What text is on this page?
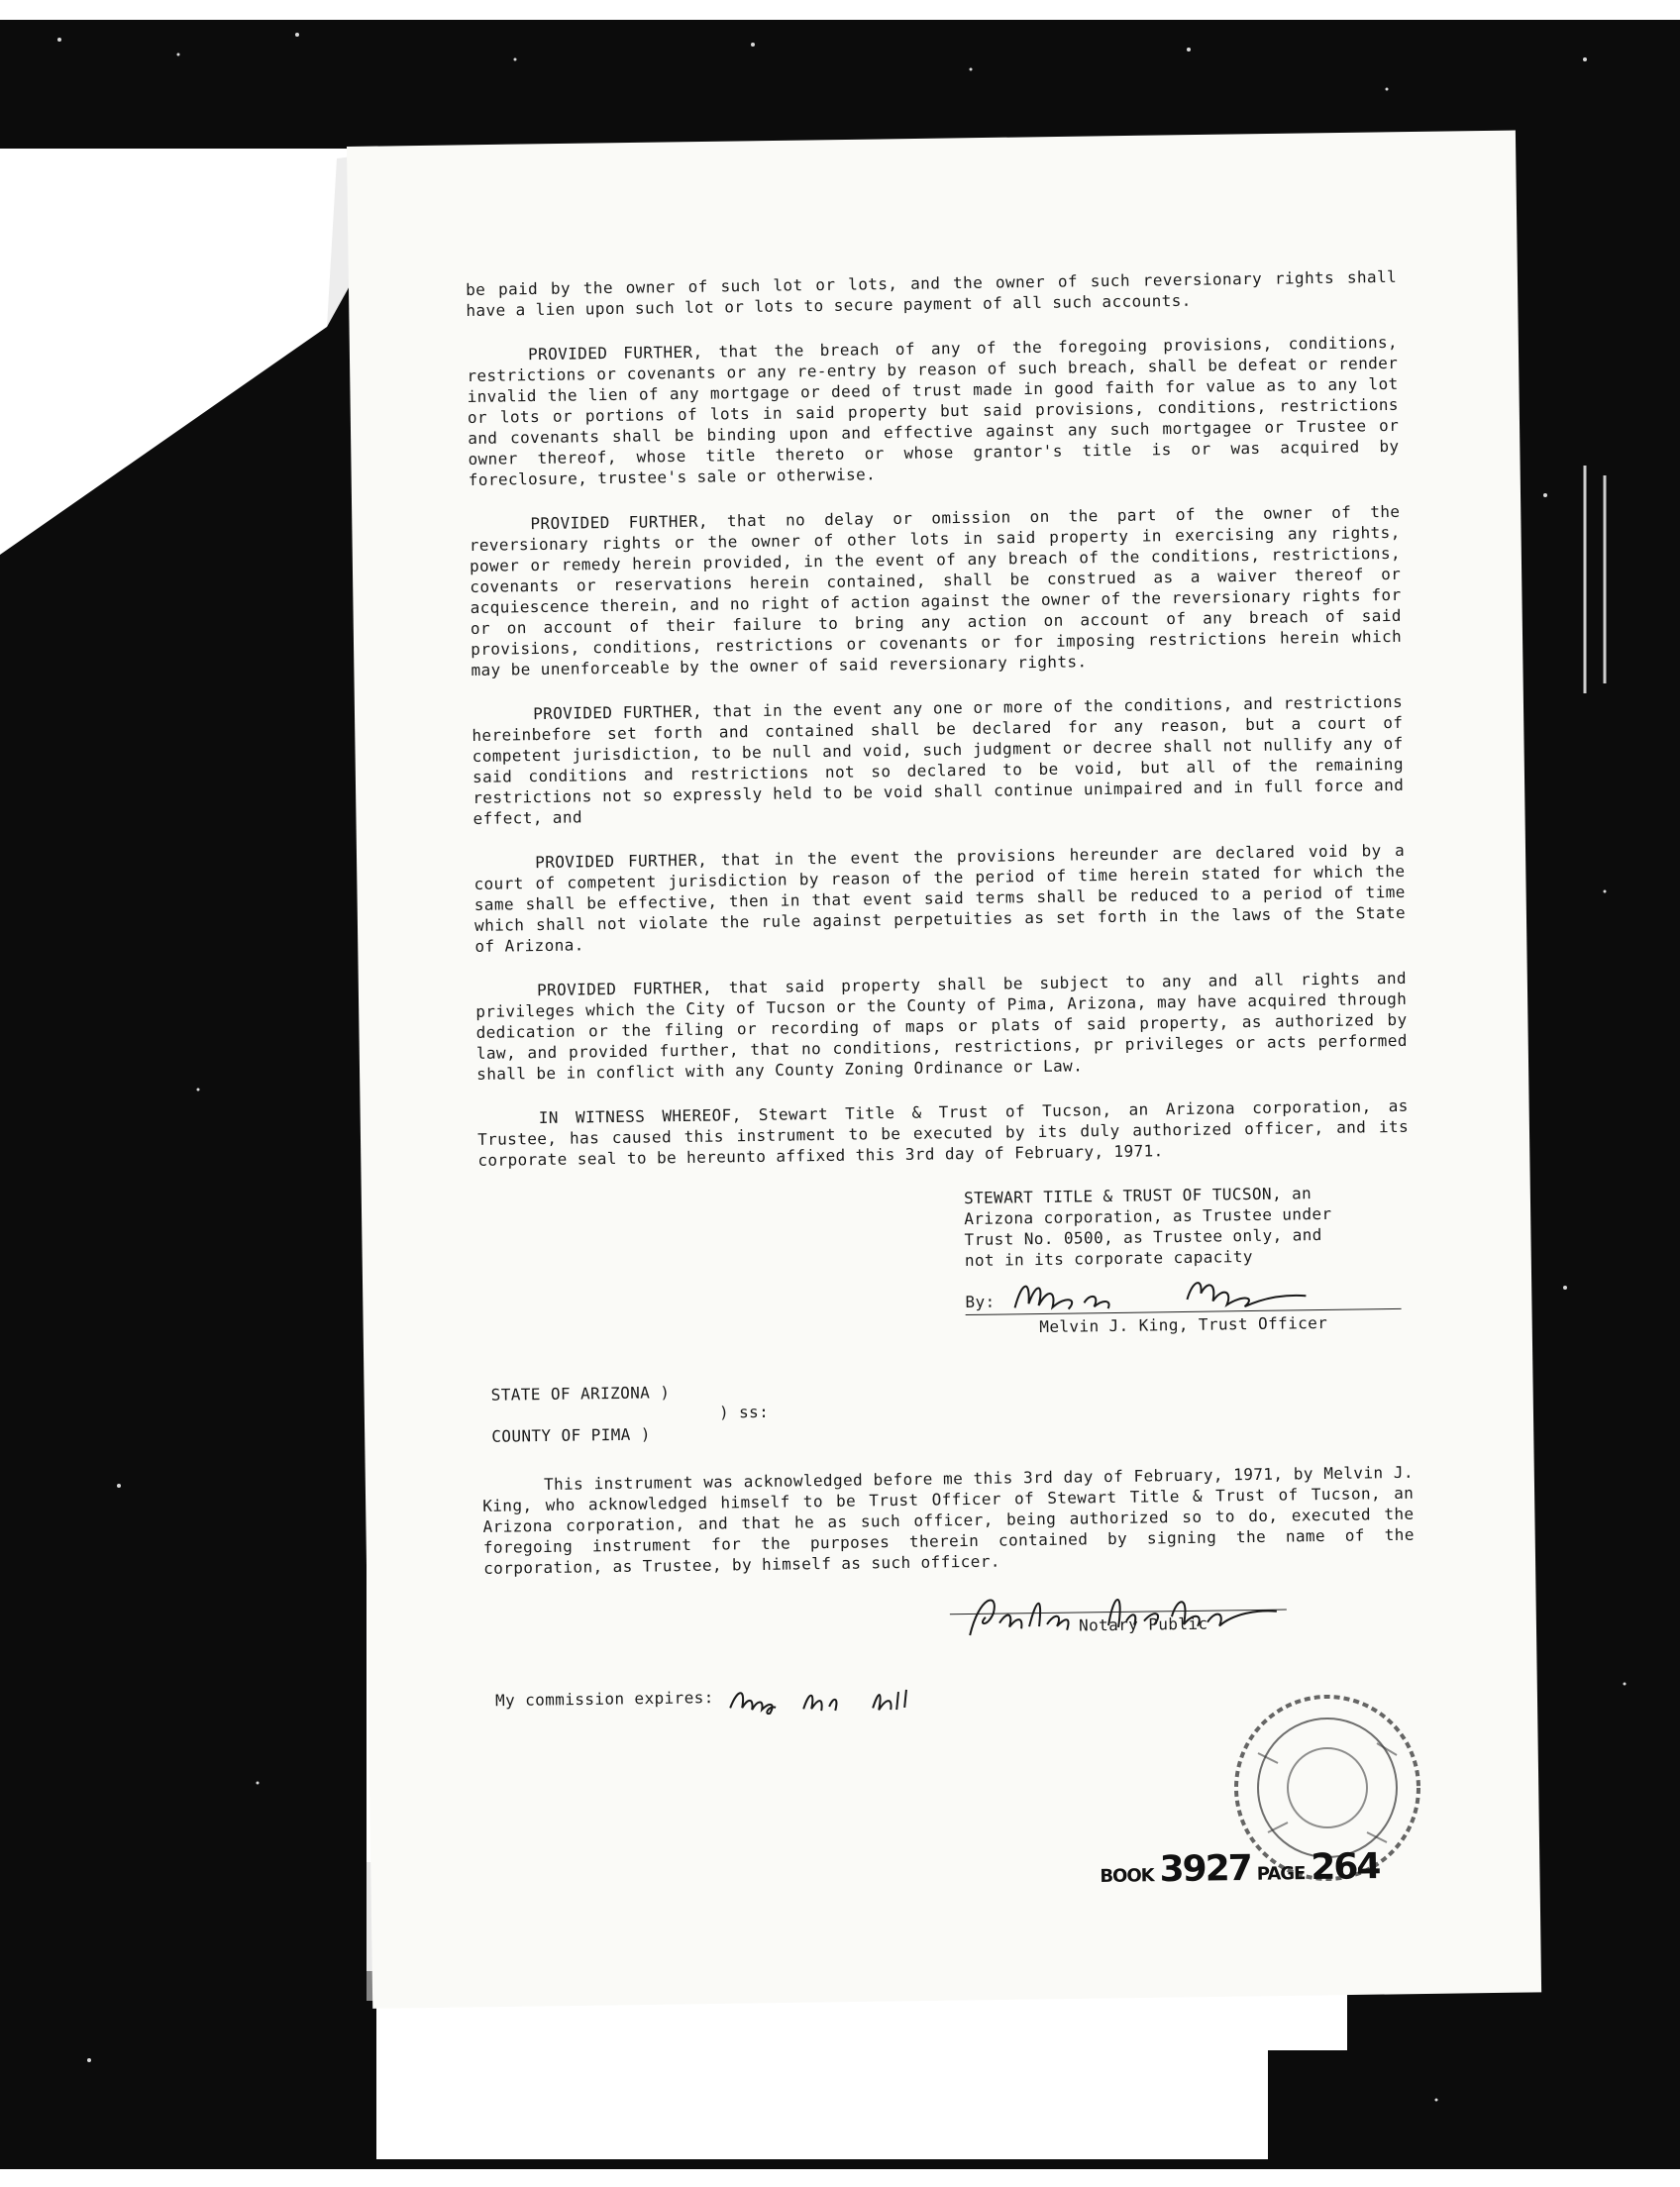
be paid by the owner of such lot or lots, and the owner of such reversionary rights shall have a lien upon such lot or lots to secure payment of all such accounts.

PROVIDED FURTHER, that the breach of any of the foregoing provisions, conditions, restrictions or covenants or any re-entry by reason of such breach, shall be defeat or render invalid the lien of any mortgage or deed of trust made in good faith for value as to any lot or lots or portions of lots in said property but said provisions, conditions, restrictions and covenants shall be binding upon and effective against any such mortgagee or Trustee or owner thereof, whose title thereto or whose grantor's title is or was acquired by foreclosure, trustee's sale or otherwise.

PROVIDED FURTHER, that no delay or omission on the part of the owner of the reversionary rights or the owner of other lots in said property in exercising any rights, power or remedy herein provided, in the event of any breach of the conditions, restrictions, covenants or reservations herein contained, shall be construed as a waiver thereof or acquiescence therein, and no right of action against the owner of the reversionary rights for or on account of their failure to bring any action on account of any breach of said provisions, conditions, restrictions or covenants or for imposing restrictions herein which may be unenforceable by the owner of said reversionary rights.

PROVIDED FURTHER, that in the event any one or more of the conditions, and restrictions hereinbefore set forth and contained shall be declared for any reason, but a court of competent jurisdiction, to be null and void, such judgment or decree shall not nullify any of said conditions and restrictions not so declared to be void, but all of the remaining restrictions not so expressly held to be void shall continue unimpaired and in full force and effect, and

PROVIDED FURTHER, that in the event the provisions hereunder are declared void by a court of competent jurisdiction by reason of the period of time herein stated for which the same shall be effective, then in that event said terms shall be reduced to a period of time which shall not violate the rule against perpetuities as set forth in the laws of the State of Arizona.

PROVIDED FURTHER, that said property shall be subject to any and all rights and privileges which the City of Tucson or the County of Pima, Arizona, may have acquired through dedication or the filing or recording of maps or plats of said property, as authorized by law, and provided further, that no conditions, restrictions, pr privileges or acts performed shall be in conflict with any County Zoning Ordinance or Law.

IN WITNESS WHEREOF, Stewart Title & Trust of Tucson, an Arizona corporation, as Trustee, has caused this instrument to be executed by its duly authorized officer, and its corporate seal to be hereunto affixed this 3rd day of February, 1971.

STEWART TITLE & TRUST OF TUCSON, an
Arizona corporation, as Trustee under
Trust No. 0500, as Trustee only, and
not in its corporate capacity
By:
Melvin J. King, Trust Officer
STATE OF ARIZONA )
) ss:
COUNTY OF PIMA )

This instrument was acknowledged before me this 3rd day of February, 1971, by Melvin J. King, who acknowledged himself to be Trust Officer of Stewart Title & Trust of Tucson, an Arizona corporation, and that he as such officer, being authorized so to do, executed the foregoing instrument for the purposes therein contained by signing the name of the corporation, as Trustee, by himself as such officer.

Notary Public
My commission expires:
BOOK 3927 PAGE 264
